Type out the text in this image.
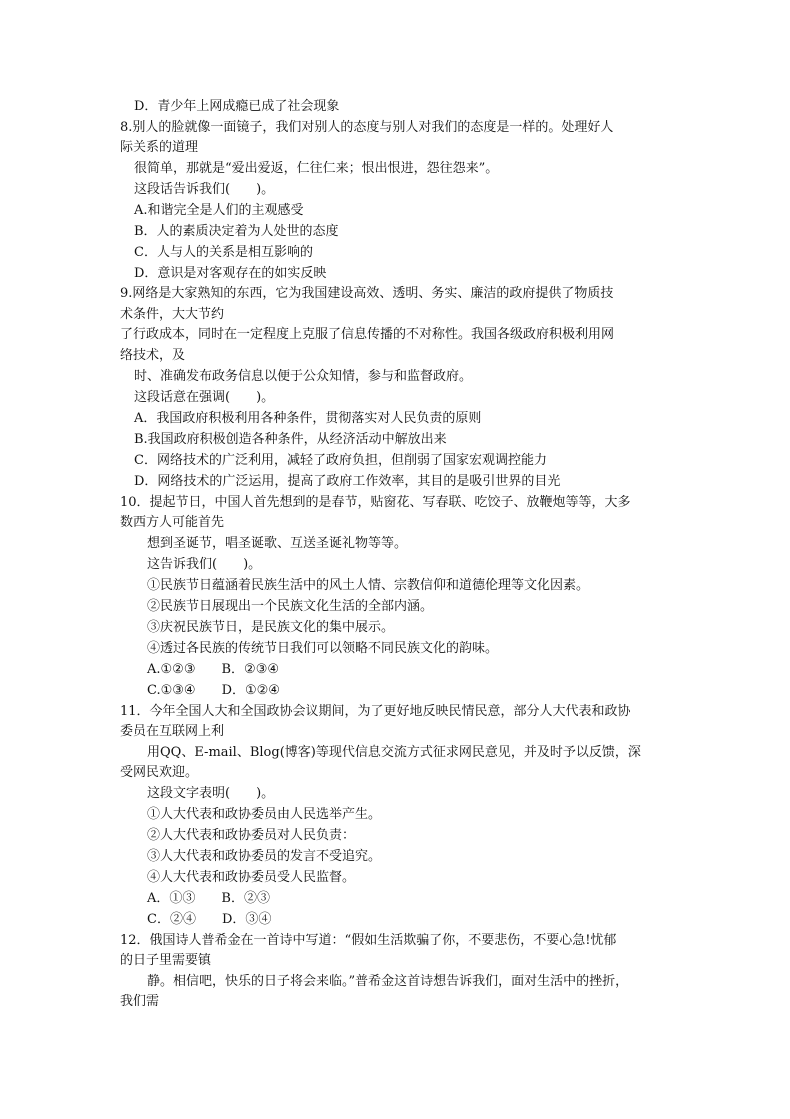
D．青少年上网成瘾已成了社会现象
8.别人的脸就像一面镜子，我们对别人的态度与别人对我们的态度是一样的。处理好人
际关系的道理
很简单，那就是“爱出爱返，仁往仁来；恨出恨进，怨往怨来”。
这段话告诉我们(　　)。
A.和谐完全是人们的主观感受
B．人的素质决定着为人处世的态度
C．人与人的关系是相互影响的
D．意识是对客观存在的如实反映
9.网络是大家熟知的东西，它为我国建设高效、透明、务实、廉洁的政府提供了物质技
术条件，大大节约
了行政成本，同时在一定程度上克服了信息传播的不对称性。我国各级政府积极利用网
络技术，及
时、准确发布政务信息以便于公众知情，参与和监督政府。
这段话意在强调(　　)。
A．我国政府积极利用各种条件，贯彻落实对人民负责的原则
B.我国政府积极创造各种条件，从经济活动中解放出来
C．网络技术的广泛利用，减轻了政府负担，但削弱了国家宏观调控能力
D．网络技术的广泛运用，提高了政府工作效率，其目的是吸引世界的目光
10．提起节日，中国人首先想到的是春节，贴窗花、写春联、吃饺子、放鞭炮等等，大多
数西方人可能首先
想到圣诞节，唱圣诞歌、互送圣诞礼物等等。
这告诉我们(　　)。
①民族节日蕴涵着民族生活中的风土人情、宗教信仰和道德伦理等文化因素。
②民族节日展现出一个民族文化生活的全部内涵。
③庆祝民族节日，是民族文化的集中展示。
④透过各民族的传统节日我们可以领略不同民族文化的韵味。
A.①②③　　B．②③④
C.①③④　　D．①②④
11．今年全国人大和全国政协会议期间，为了更好地反映民情民意，部分人大代表和政协
委员在互联网上利
用QQ、E-mail、Blog(博客)等现代信息交流方式征求网民意见，并及时予以反馈，深
受网民欢迎。
这段文字表明(　　)。
①人大代表和政协委员由人民选举产生。
②人大代表和政协委员对人民负责：
③人大代表和政协委员的发言不受追究。
④人大代表和政协委员受人民监督。
A．①③　　B．②③
C．②④　　D．③④
12．俄国诗人普希金在一首诗中写道：“假如生活欺骗了你，不要悲伤，不要心急!忧郁
的日子里需要镇
静。相信吧，快乐的日子将会来临。”普希金这首诗想告诉我们，面对生活中的挫折，
我们需
